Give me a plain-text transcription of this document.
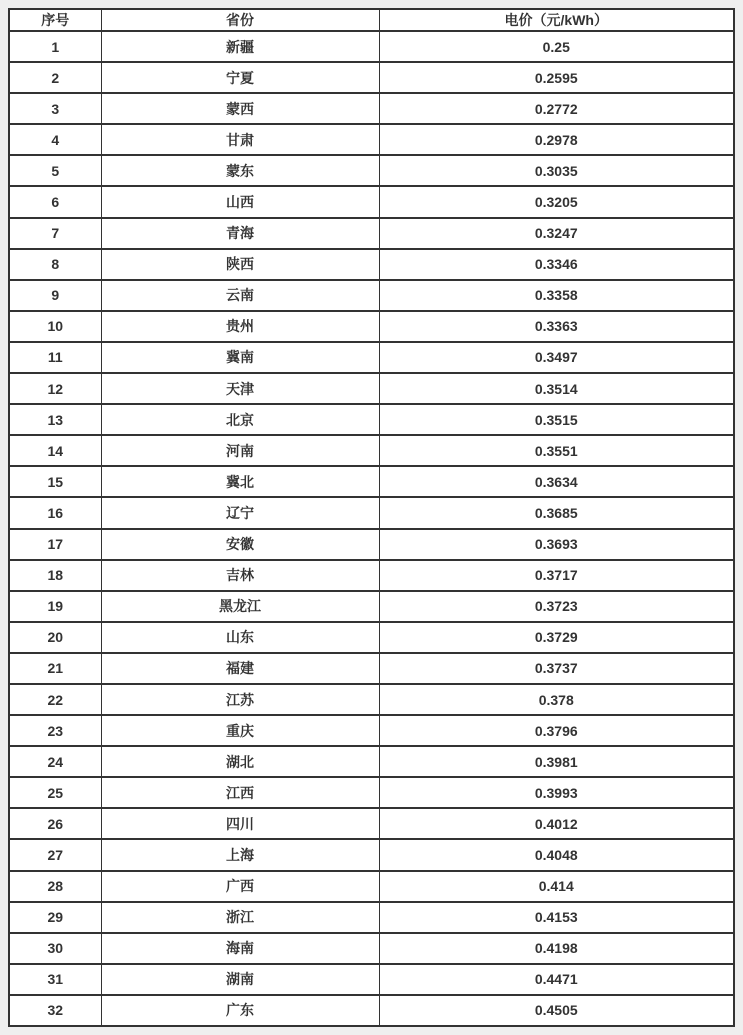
序号	省份	电价（元/kWh）
1	新疆	0.25
2	宁夏	0.2595
3	蒙西	0.2772
4	甘肃	0.2978
5	蒙东	0.3035
6	山西	0.3205
7	青海	0.3247
8	陕西	0.3346
9	云南	0.3358
10	贵州	0.3363
11	冀南	0.3497
12	天津	0.3514
13	北京	0.3515
14	河南	0.3551
15	冀北	0.3634
16	辽宁	0.3685
17	安徽	0.3693
18	吉林	0.3717
19	黑龙江	0.3723
20	山东	0.3729
21	福建	0.3737
22	江苏	0.378
23	重庆	0.3796
24	湖北	0.3981
25	江西	0.3993
26	四川	0.4012
27	上海	0.4048
28	广西	0.414
29	浙江	0.4153
30	海南	0.4198
31	湖南	0.4471
32	广东	0.4505
